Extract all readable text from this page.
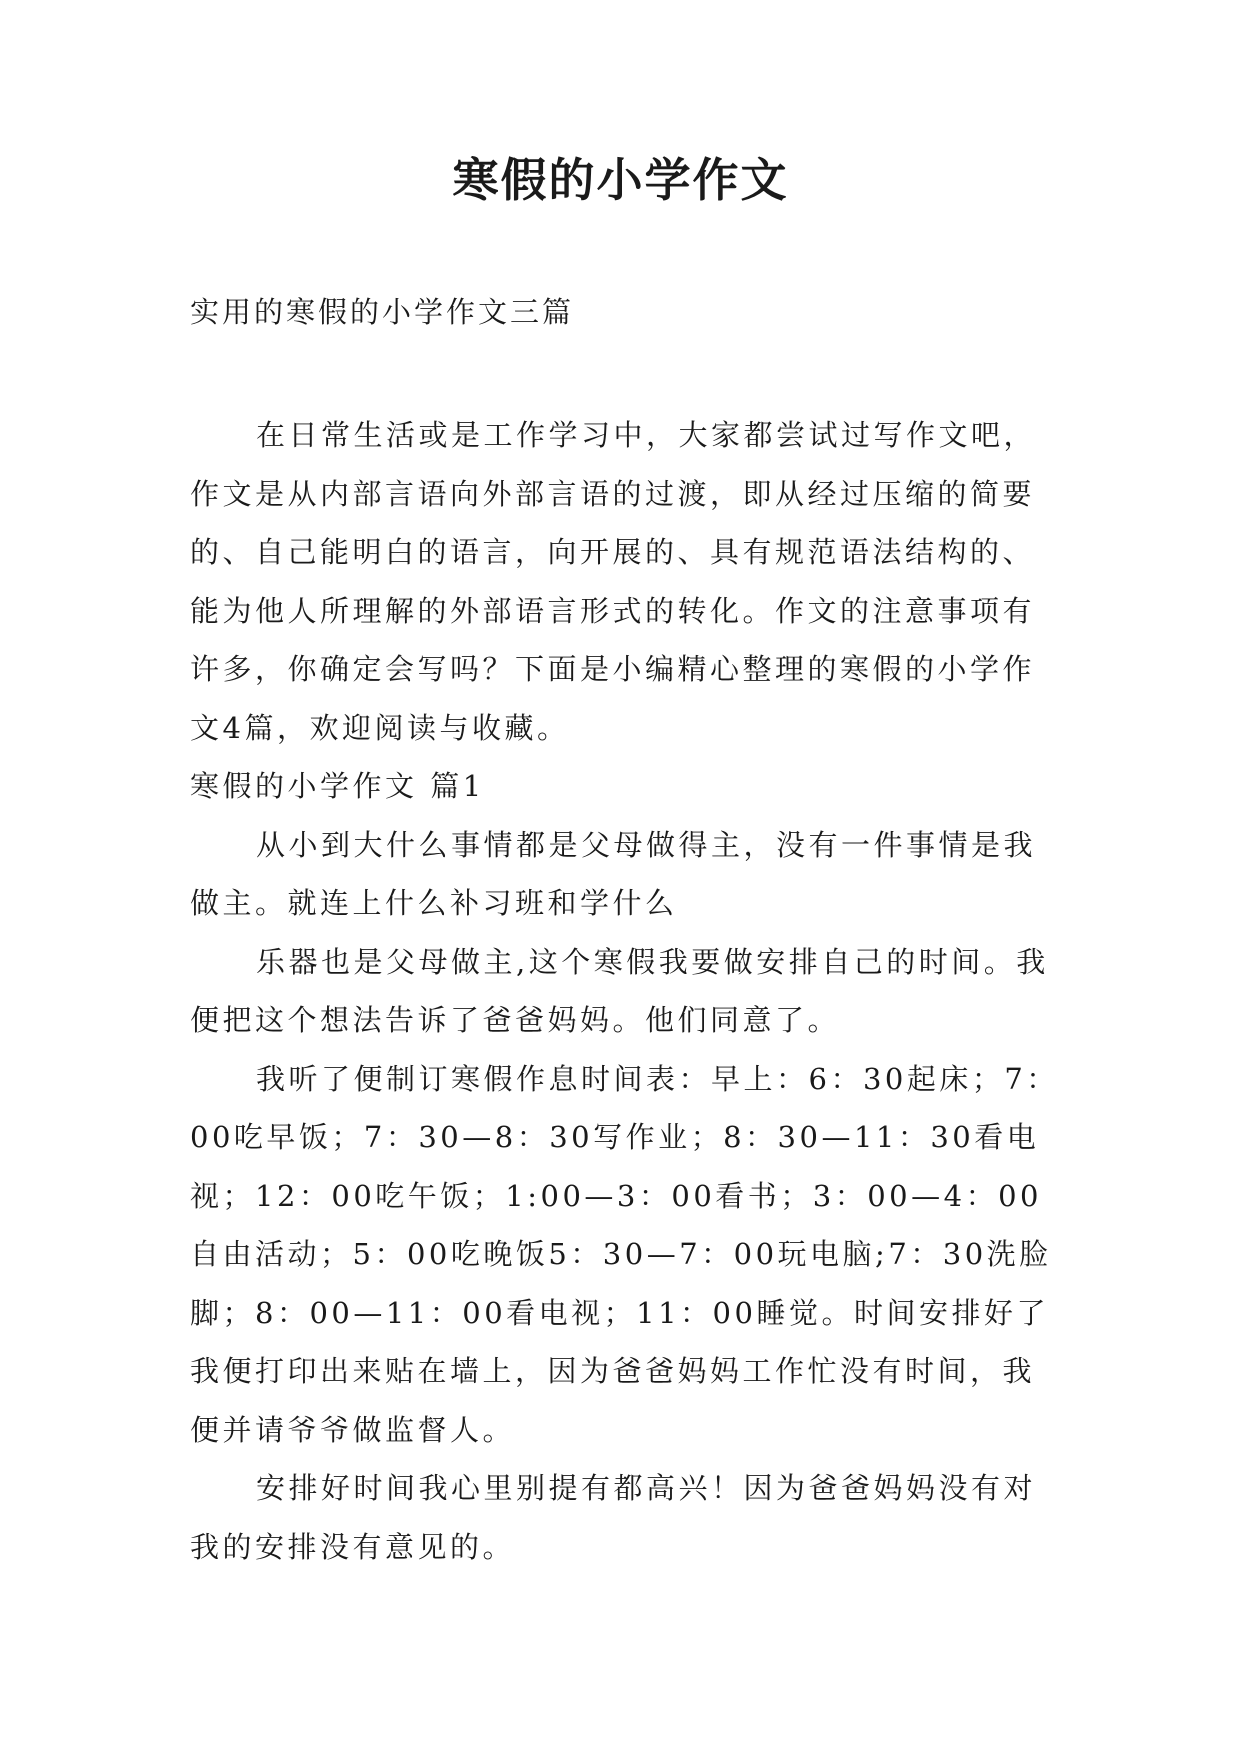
寒假的小学作文
实用的寒假的小学作文三篇

在日常生活或是工作学习中，大家都尝试过写作文吧，作文是从内部言语向外部言语的过渡，即从经过压缩的简要的、自己能明白的语言，向开展的、具有规范语法结构的、能为他人所理解的外部语言形式的转化。作文的注意事项有许多，你确定会写吗？下面是小编精心整理的寒假的小学作文4篇，欢迎阅读与收藏。

寒假的小学作文 篇1

从小到大什么事情都是父母做得主，没有一件事情是我做主。就连上什么补习班和学什么

乐器也是父母做主,这个寒假我要做安排自己的时间。我便把这个想法告诉了爸爸妈妈。他们同意了。

我听了便制订寒假作息时间表：早上：6：30起床；7：00吃早饭；7：30—8：30写作业；8：30—11：30看电视；12：00吃午饭；1:00—3：00看书；3：00—4：00自由活动；5：00吃晚饭5：30—7：00玩电脑;7：30洗脸脚；8：00—11：00看电视；11：00睡觉。时间安排好了我便打印出来贴在墙上，因为爸爸妈妈工作忙没有时间，我便并请爷爷做监督人。

安排好时间我心里别提有都高兴！因为爸爸妈妈没有对我的安排没有意见的。
